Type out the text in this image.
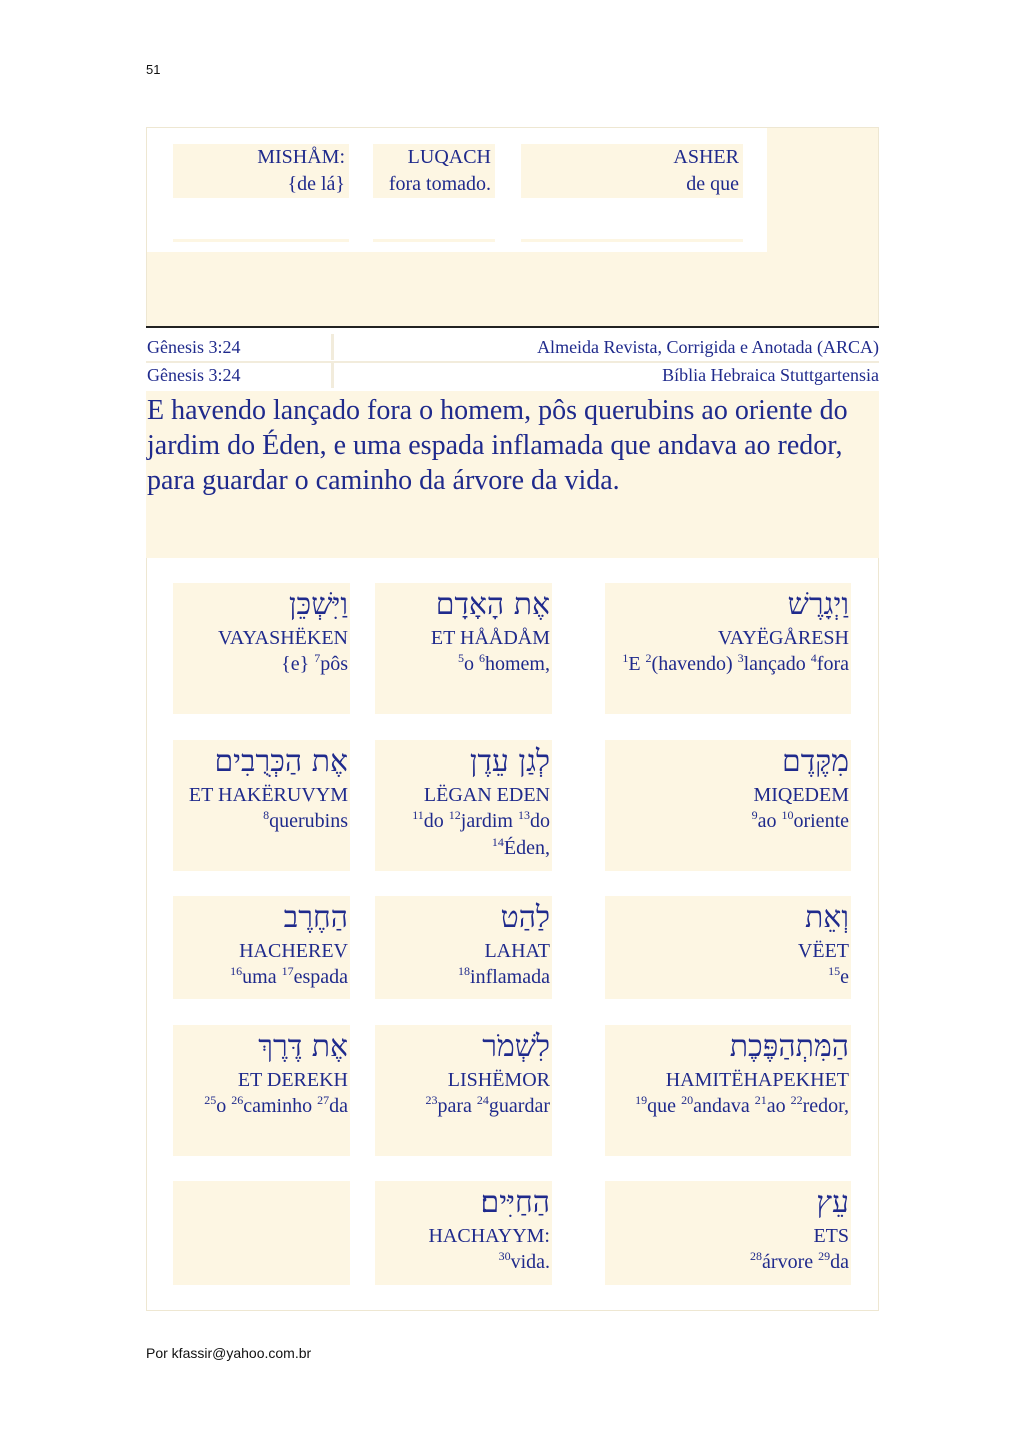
51
MISHÅM:
{de lá}
LUQACH
fora tomado.
ASHER
de que
Gênesis 3:24	Almeida Revista, Corrigida e Anotada (ARCA)
Gênesis 3:24	Bíblia Hebraica Stuttgartensia
E havendo lançado fora o homem, pôs querubins ao oriente do jardim do Éden, e uma espada inflamada que andava ao redor, para guardar o caminho da árvore da vida.
וַיִּשְׁכֵּן
VAYASHËKEN
{e} $^7$pôs
אֶת הָאָדָם
ET HÅÅDÅM
$^5$o $^6$homem,
וַיְגָרֶשׁ
VAYËGÅRESH
$^1$E $^2$(havendo) $^3$lançado $^4$fora
אֶת הַכְּרֻבִים
ET HAKËRUVYM
$^8$querubins
לְגַן עֵדֶן
LËGAN EDEN
$^{11}$do $^{12}$jardim $^{13}$do $^{14}$Éden,
מִקֶּדֶם
MIQEDEM
$^9$ao $^{10}$oriente
הַחֶרֶב
HACHEREV
$^{16}$uma $^{17}$espada
לַהַט
LAHAT
$^{18}$inflamada
וְאֵת
VËET
$^{15}$e
אֶת דֶּרֶךְ
ET DEREKH
$^{25}$o $^{26}$caminho $^{27}$da
לִשְׁמֹר
LISHËMOR
$^{23}$para $^{24}$guardar
הַמִּתְהַפֶּכֶת
HAMITËHAPEKHET
$^{19}$que $^{20}$andava $^{21}$ao $^{22}$redor,
הַחַיִּים׃
HACHAYYM:
$^{30}$vida.
עֵץ
ETS
$^{28}$árvore $^{29}$da
Por kfassir@yahoo.com.br
